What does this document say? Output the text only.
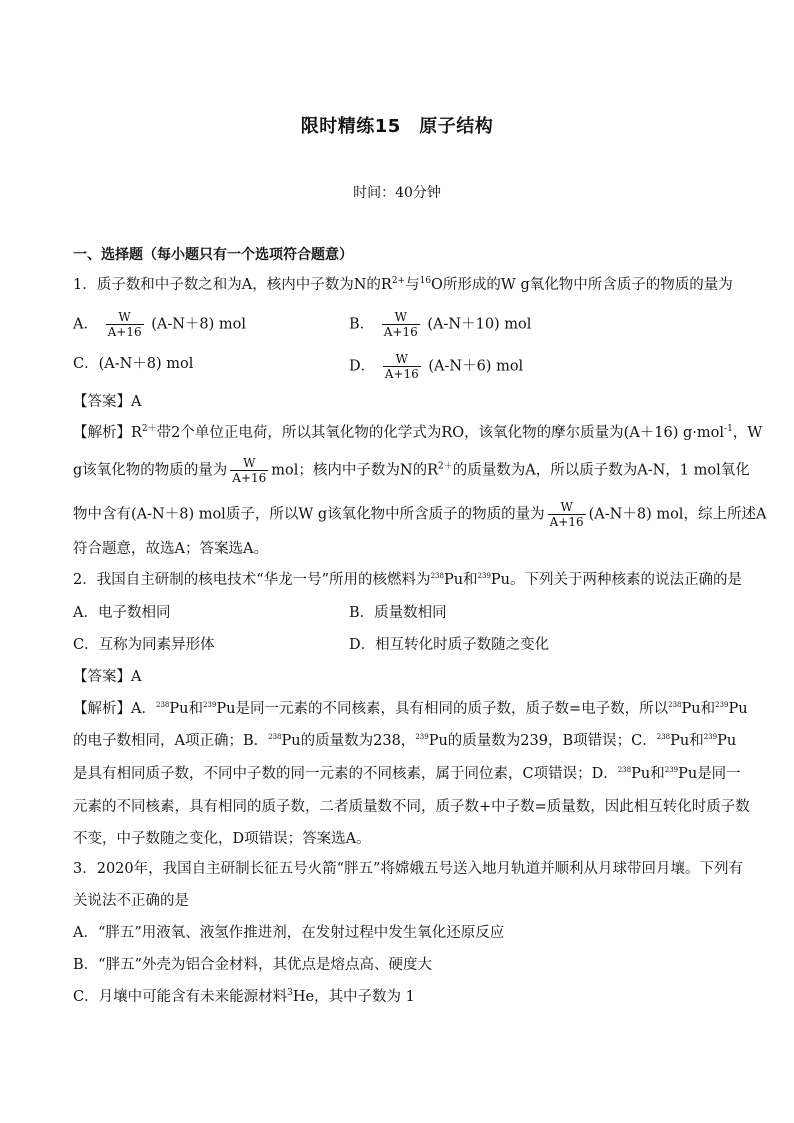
限时精练15　原子结构
时间：40分钟
一、选择题（每小题只有一个选项符合题意）
1．质子数和中子数之和为A，核内中子数为N的$R^{2+}$与$^{16}$O所形成的W g氧化物中所含质子的物质的量为
A． $\frac{W}{A+16} (A-N+8)$ mol	B． $\frac{W}{A+16} (A-N+10)$ mol
C．(A-N＋8) mol	D． $\frac{W}{A+16} (A-N+6)$ mol
【答案】A
【解析】$R^{2+}$带2个单位正电荷，所以其氧化物的化学式为RO，该氧化物的摩尔质量为(A＋16) g·mol$^{-1}$，W
g该氧化物的物质的量为 $\frac{W}{A+16}$ mol；核内中子数为N的$R^{2+}$的质量数为A，所以质子数为A-N，1 mol氧化
物中含有(A-N＋8) mol质子，所以W g该氧化物中所含质子的物质的量为 $\frac{W}{A+16} (A-N+8)$ mol，综上所述A
符合题意，故选A；答案选A。
2．我国自主研制的核电技术“华龙一号”所用的核燃料为$^{238}$Pu和$^{239}$Pu。下列关于两种核素的说法正确的是
A．电子数相同	B．质量数相同
C．互称为同素异形体	D．相互转化时质子数随之变化
【答案】A
【解析】A．$^{238}$Pu和$^{239}$Pu是同一元素的不同核素，具有相同的质子数，质子数=电子数，所以$^{238}$Pu和$^{239}$Pu
的电子数相同，A项正确；B．$^{238}$Pu的质量数为238，$^{239}$Pu的质量数为239，B项错误；C．$^{238}$Pu和$^{239}$Pu
是具有相同质子数，不同中子数的同一元素的不同核素，属于同位素，C项错误；D．$^{238}$Pu和$^{239}$Pu是同一
元素的不同核素，具有相同的质子数，二者质量数不同，质子数+中子数=质量数，因此相互转化时质子数
不变，中子数随之变化，D项错误；答案选A。
3．2020年，我国自主研制长征五号火箭“胖五”将嫦娥五号送入地月轨道并顺利从月球带回月壤。下列有
关说法不正确的是
A．“胖五”用液氧、液氢作推进剂，在发射过程中发生氧化还原反应
B．“胖五”外壳为铝合金材料，其优点是熔点高、硬度大
C．月壤中可能含有未来能源材料$^3$He，其中子数为 1
